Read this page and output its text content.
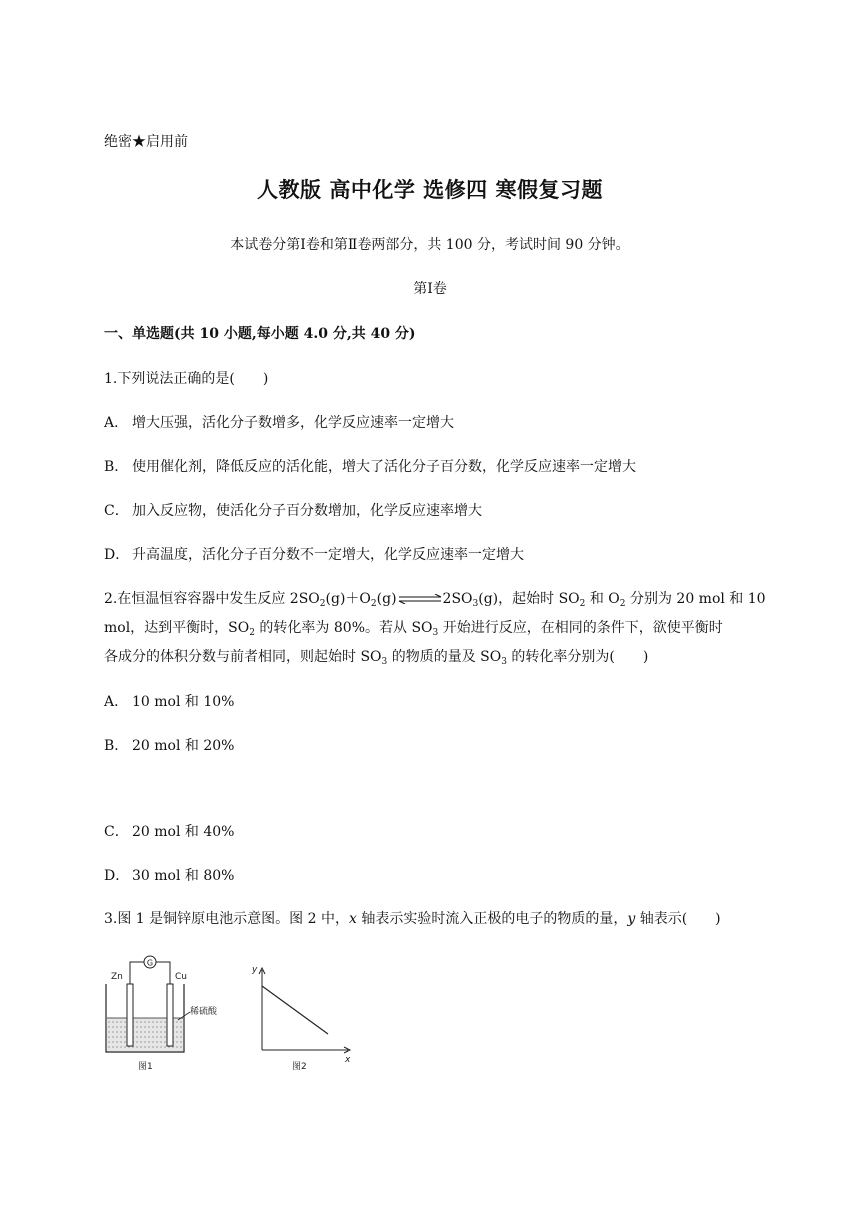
绝密★启用前
人教版 高中化学 选修四 寒假复习题
本试卷分第Ⅰ卷和第Ⅱ卷两部分，共 100 分，考试时间 90 分钟。
第Ⅰ卷
一、单选题(共 10 小题,每小题 4.0 分,共 40 分)
1.下列说法正确的是(　　)
A． 增大压强，活化分子数增多，化学反应速率一定增大
B． 使用催化剂，降低反应的活化能，增大了活化分子百分数，化学反应速率一定增大
C． 加入反应物，使活化分子百分数增加，化学反应速率增大
D． 升高温度，活化分子百分数不一定增大，化学反应速率一定增大
2.在恒温恒容容器中发生反应 $2SO_2(g)+O_2(g)\rightleftharpoons 2SO_3(g)$，起始时 $SO_2$ 和 $O_2$ 分别为 20 mol 和 10
mol，达到平衡时，$SO_2$ 的转化率为 80%。若从 $SO_3$ 开始进行反应，在相同的条件下，欲使平衡时
各成分的体积分数与前者相同，则起始时 $SO_3$ 的物质的量及 $SO_3$ 的转化率分别为(　　)
A． 10 mol 和 10%
B． 20 mol 和 20%
C． 20 mol 和 40%
D． 30 mol 和 80%
3.图 1 是铜锌原电池示意图。图 2 中，x 轴表示实验时流入正极的电子的物质的量，y 轴表示(　　)
G
Zn	Cu
稀硫酸
图1
y
x
图2
